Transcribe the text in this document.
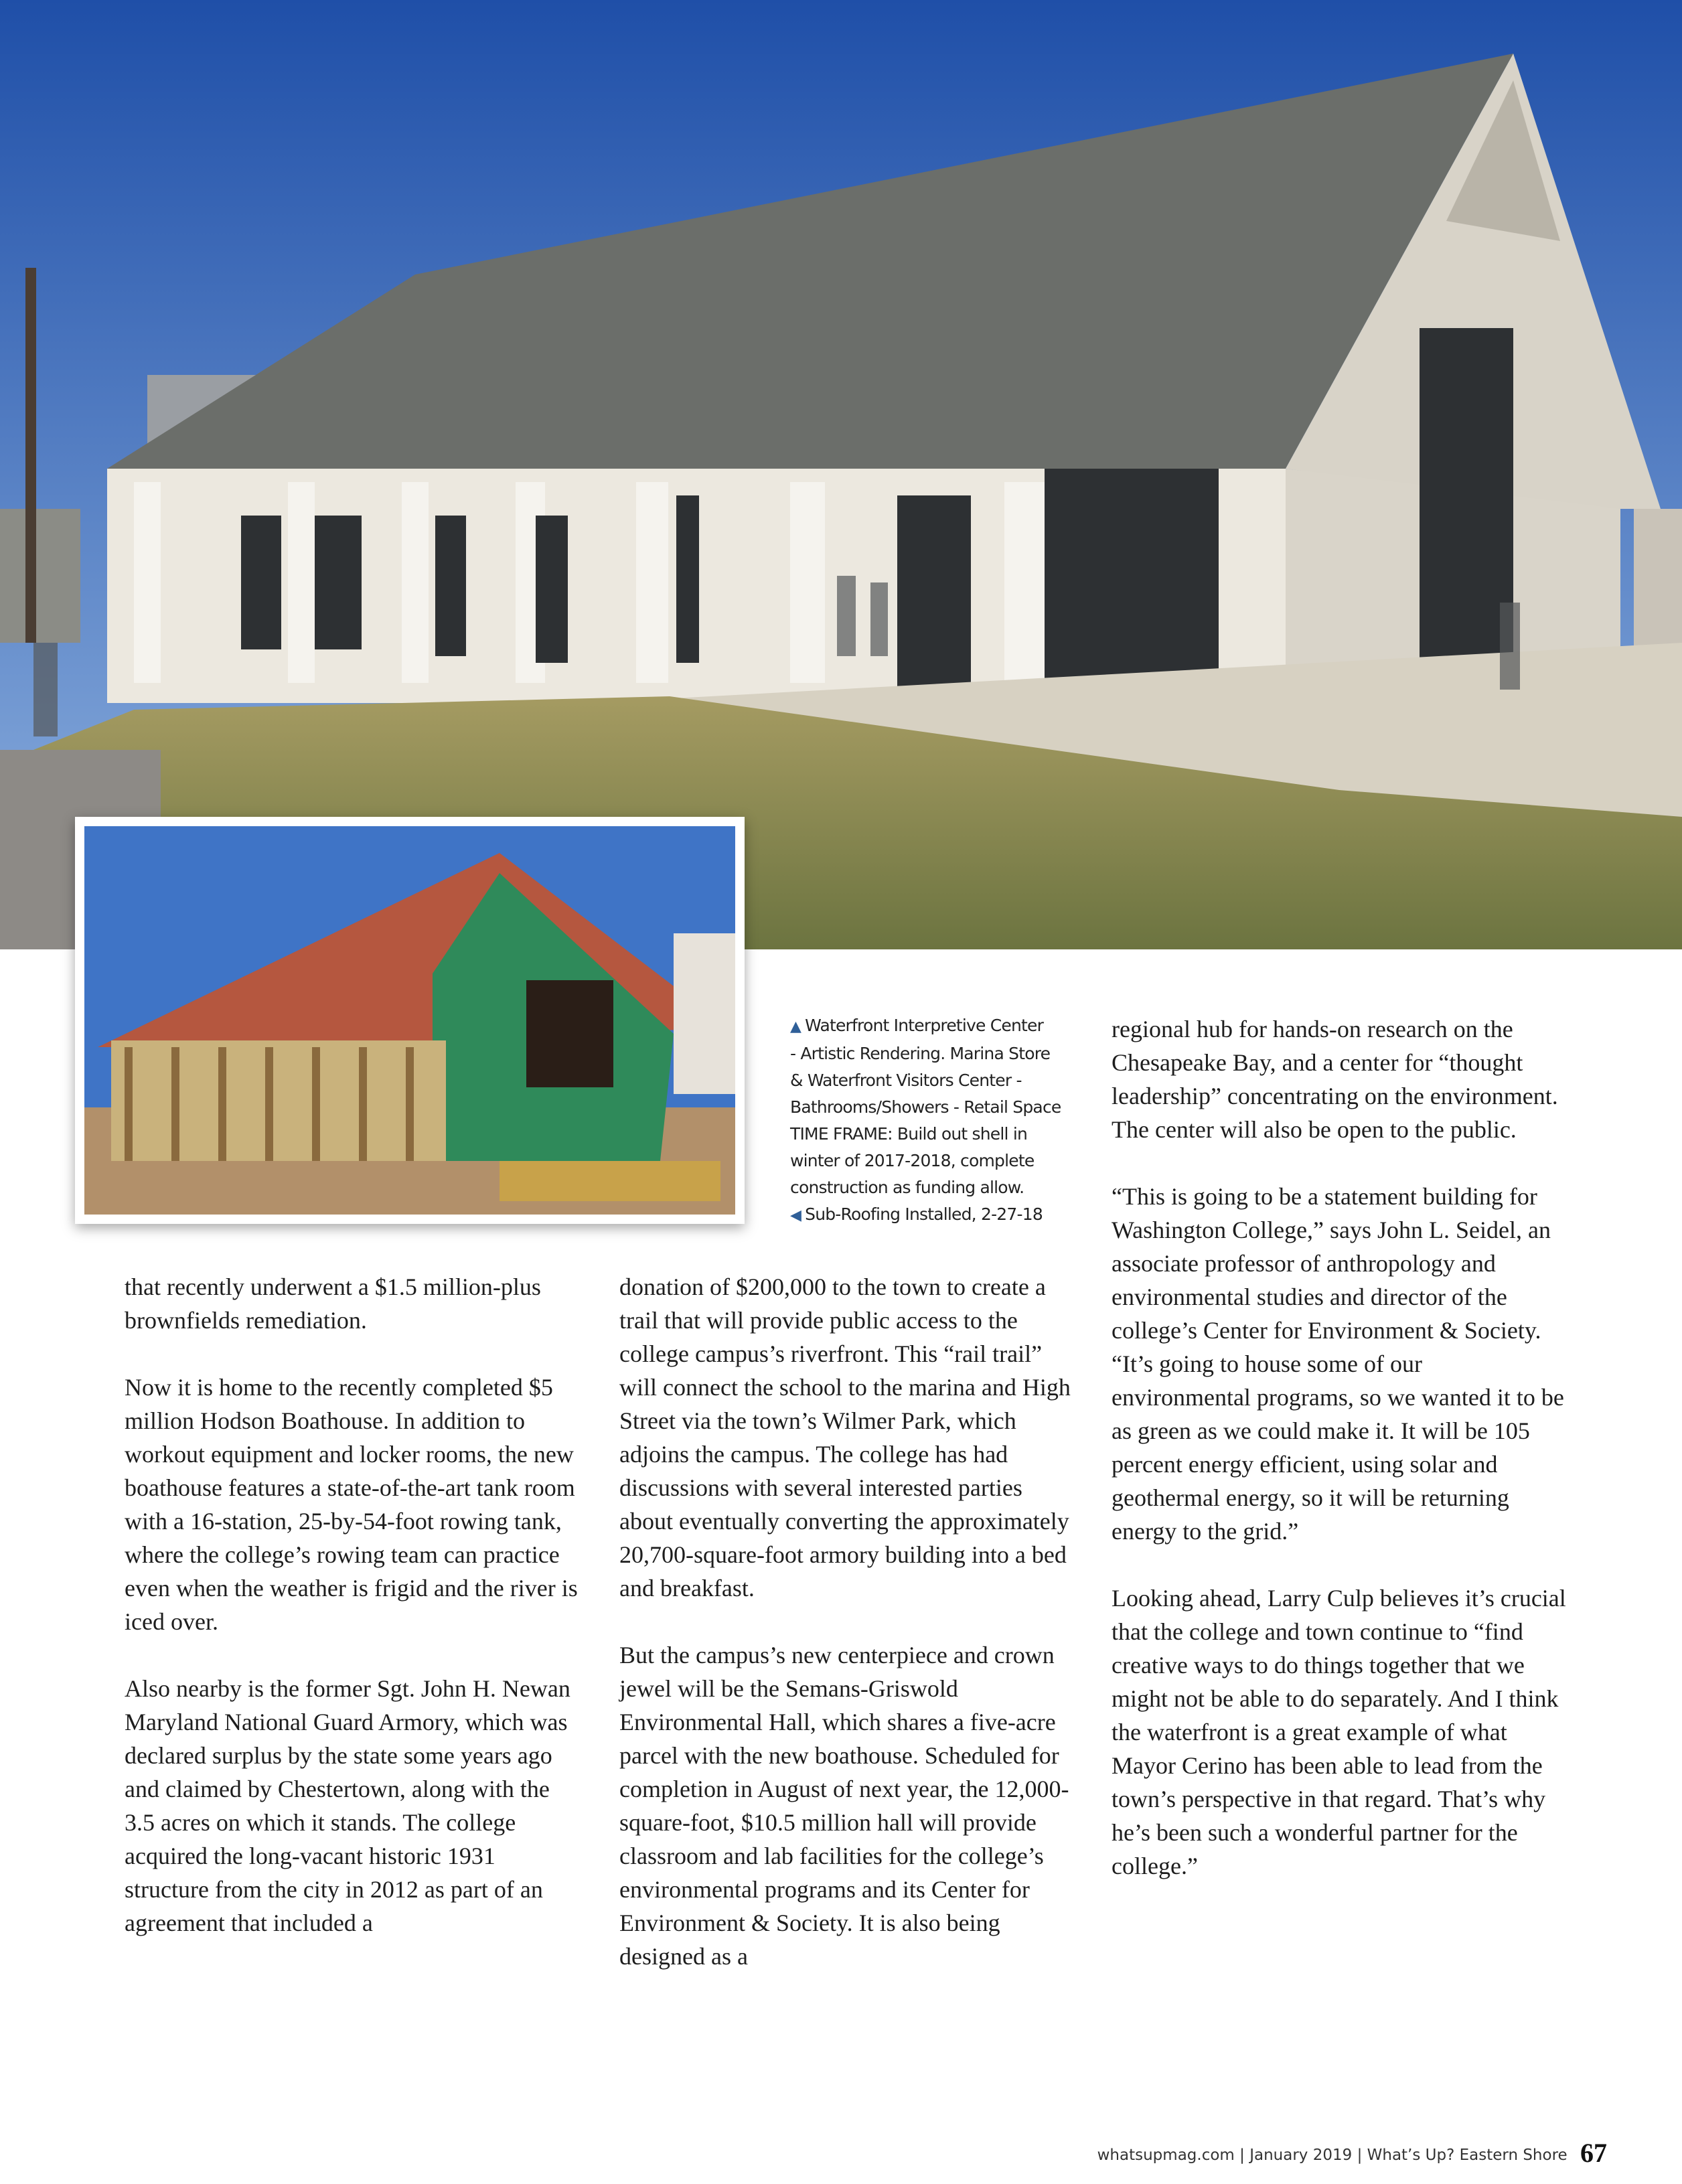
▲ Waterfront Interpretive Center
- Artistic Rendering. Marina Store
& Waterfront Visitors Center -
Bathrooms/Showers - Retail Space
TIME FRAME: Build out shell in
winter of 2017-2018, complete
construction as funding allow.
◀ Sub-Roofing Installed, 2-27-18

that recently underwent a $1.5 million-plus brownfields remediation.

Now it is home to the recently completed $5 million Hodson Boathouse. In addition to workout equipment and locker rooms, the new boathouse features a state-of-the-art tank room with a 16-station, 25-by-54-foot rowing tank, where the college’s rowing team can practice even when the weather is frigid and the river is iced over.

Also nearby is the former Sgt. John H. Newan Maryland National Guard Armory, which was declared surplus by the state some years ago and claimed by Chestertown, along with the 3.5 acres on which it stands. The college acquired the long-vacant historic 1931 structure from the city in 2012 as part of an agreement that included a

donation of $200,000 to the town to create a trail that will provide public access to the college campus’s riverfront. This “rail trail” will connect the school to the marina and High Street via the town’s Wilmer Park, which adjoins the campus. The college has had discussions with several interested parties about eventually converting the approximately 20,700-square-foot armory building into a bed and breakfast.

But the campus’s new centerpiece and crown jewel will be the Semans-Griswold Environmental Hall, which shares a five-acre parcel with the new boathouse. Scheduled for completion in August of next year, the 12,000-square-foot, $10.5 million hall will provide classroom and lab facilities for the college’s environmental programs and its Center for Environment & Society. It is also being designed as a

regional hub for hands-on research on the Chesapeake Bay, and a center for “thought leadership” concentrating on the environment. The center will also be open to the public.

“This is going to be a statement building for Washington College,” says John L. Seidel, an associate professor of anthropology and environmental studies and director of the college’s Center for Environment & Society. “It’s going to house some of our environmental programs, so we wanted it to be as green as we could make it. It will be 105 percent energy efficient, using solar and geothermal energy, so it will be returning energy to the grid.”

Looking ahead, Larry Culp believes it’s crucial that the college and town continue to “find creative ways to do things together that we might not be able to do separately. And I think the waterfront is a great example of what Mayor Cerino has been able to lead from the town’s perspective in that regard. That’s why he’s been such a wonderful partner for the college.”

whatsupmag.com | January 2019 | What’s Up? Eastern Shore 67
